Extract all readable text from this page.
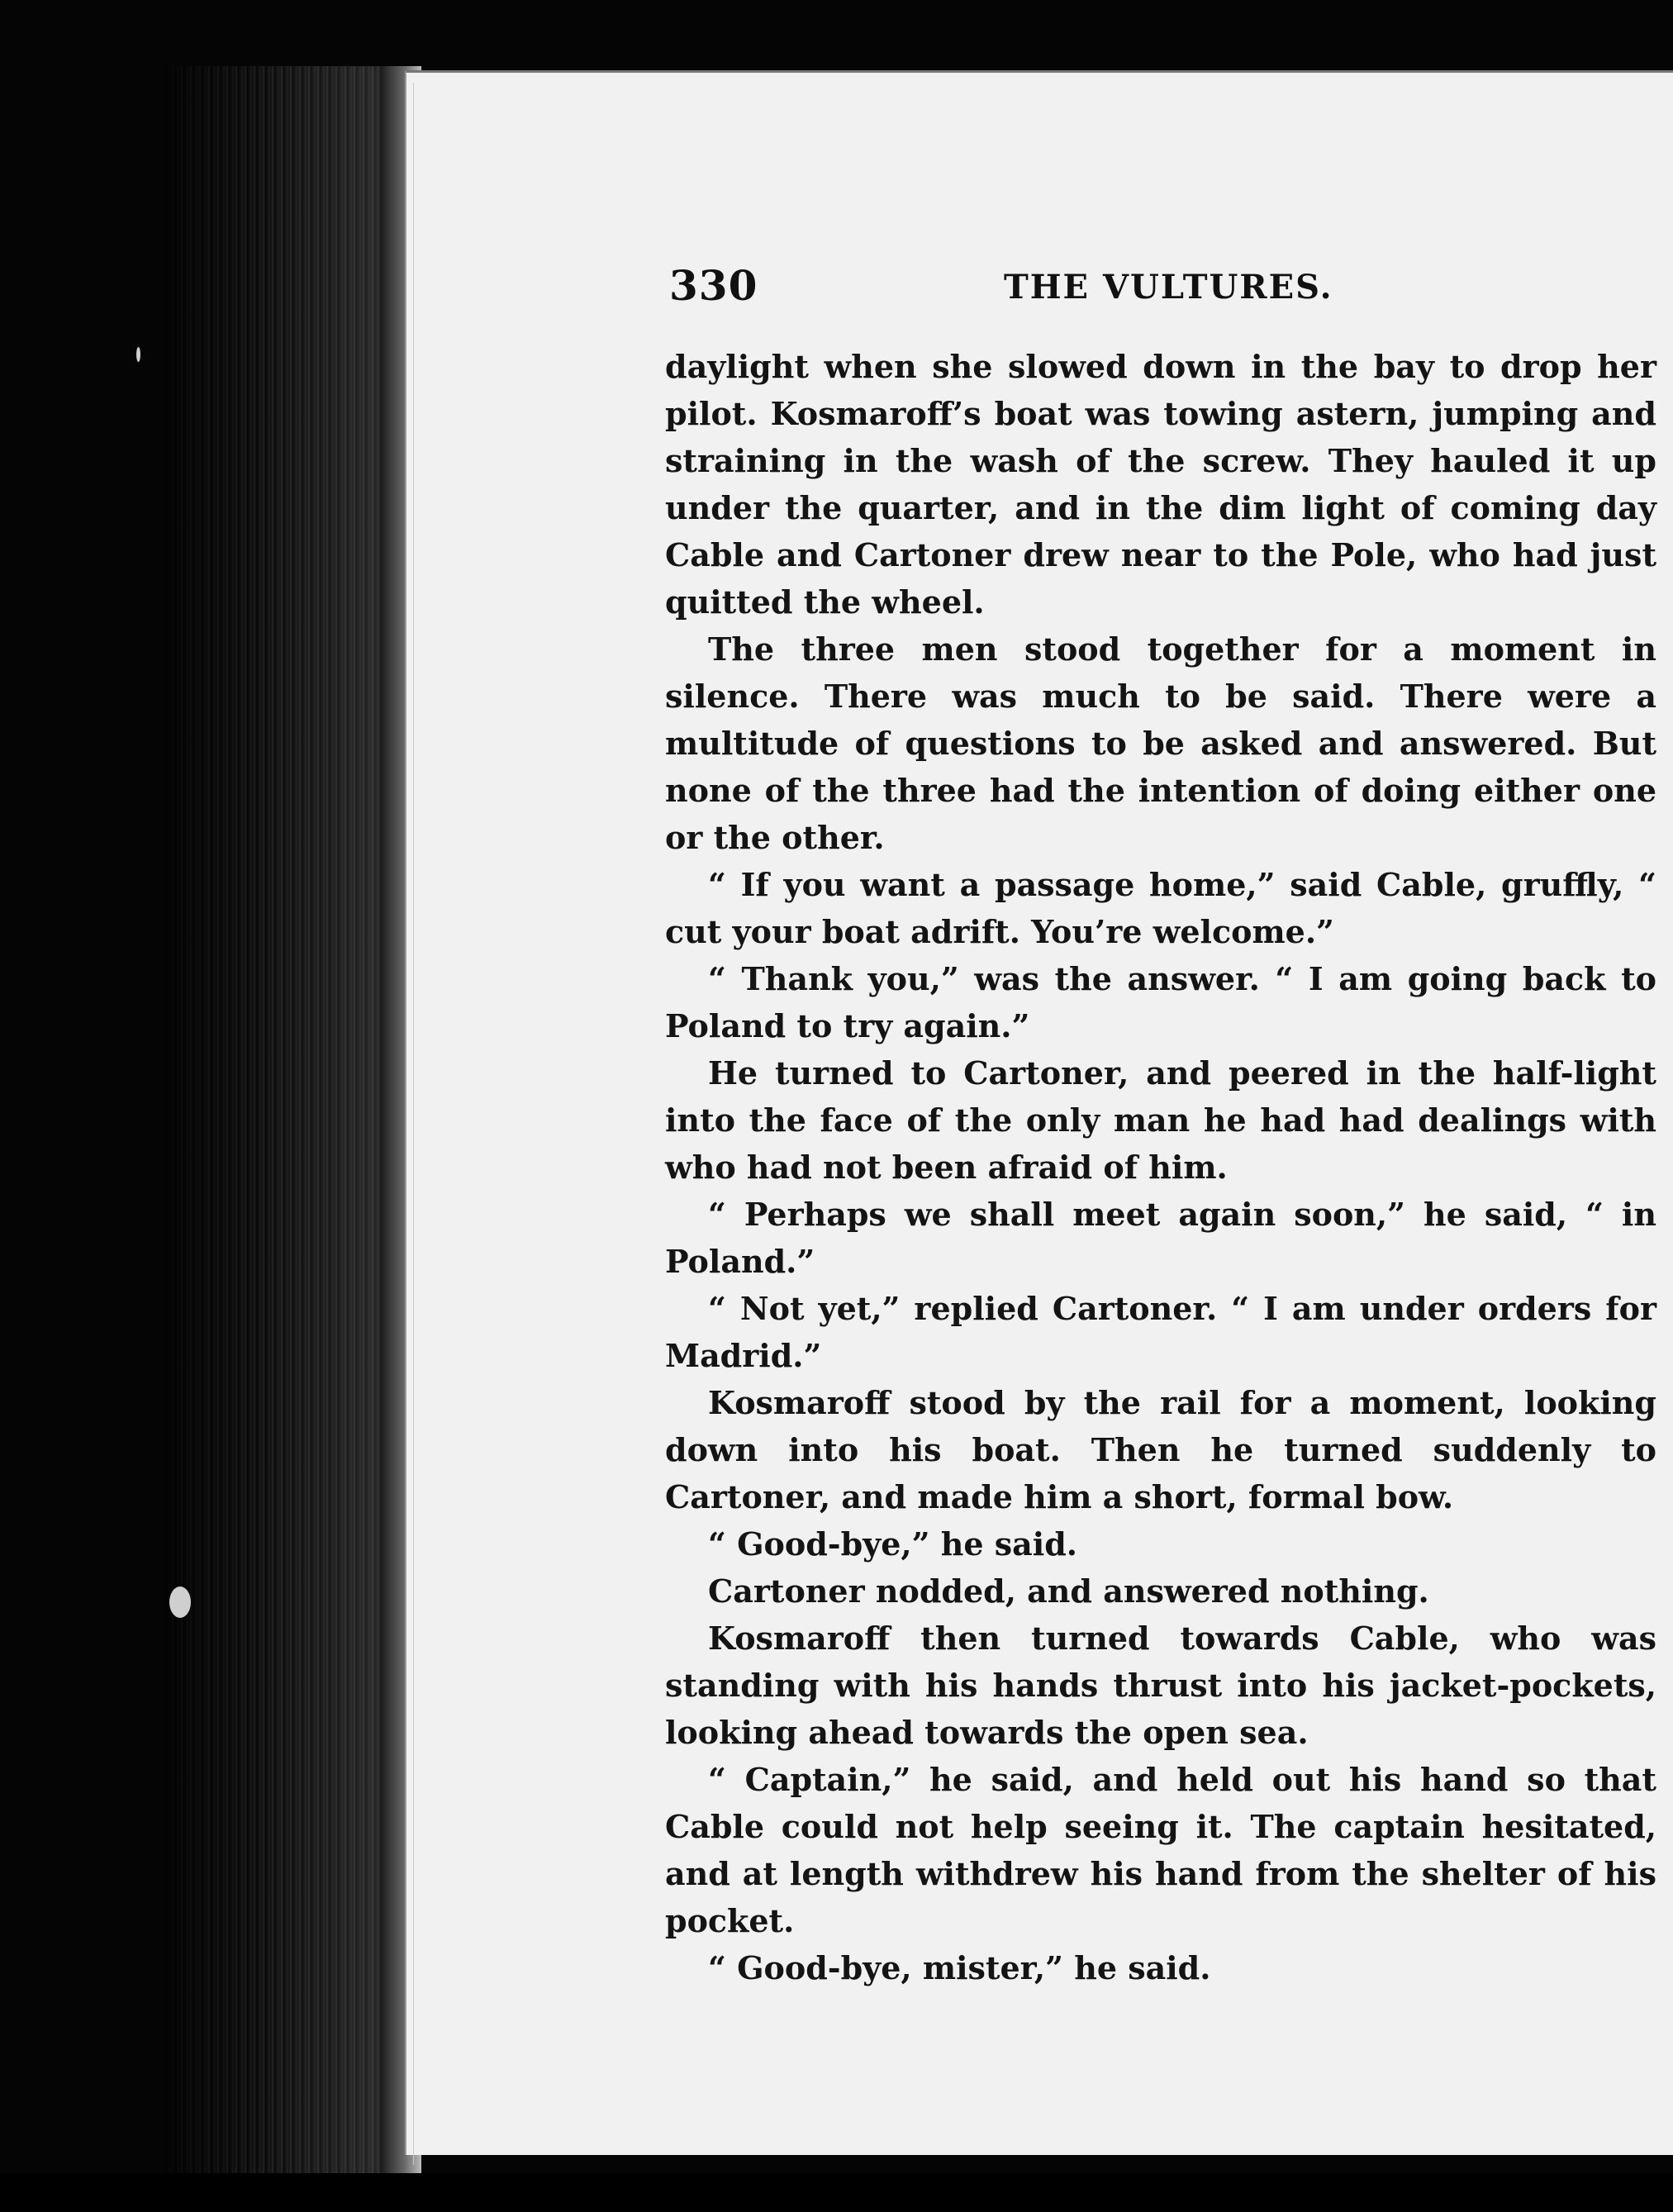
330	THE VULTURES.

daylight when she slowed down in the bay to drop her pilot. Kosmaroff’s boat was towing astern, jumping and straining in the wash of the screw. They hauled it up under the quarter, and in the dim light of coming day Cable and Cartoner drew near to the Pole, who had just quitted the wheel.

The three men stood together for a moment in silence. There was much to be said. There were a multitude of questions to be asked and answered. But none of the three had the intention of doing either one or the other.

“ If you want a passage home,” said Cable, gruffly, “ cut your boat adrift. You’re welcome.”

“ Thank you,” was the answer. “ I am going back to Poland to try again.”

He turned to Cartoner, and peered in the half-light into the face of the only man he had had dealings with who had not been afraid of him.

“ Perhaps we shall meet again soon,” he said, “ in Poland.”

“ Not yet,” replied Cartoner. “ I am under orders for Madrid.”

Kosmaroff stood by the rail for a moment, looking down into his boat. Then he turned suddenly to Cartoner, and made him a short, formal bow.

“ Good-bye,” he said.

Cartoner nodded, and answered nothing.

Kosmaroff then turned towards Cable, who was standing with his hands thrust into his jacket-pockets, looking ahead towards the open sea.

“ Captain,” he said, and held out his hand so that Cable could not help seeing it. The captain hesitated, and at length withdrew his hand from the shelter of his pocket.

“ Good-bye, mister,” he said.
